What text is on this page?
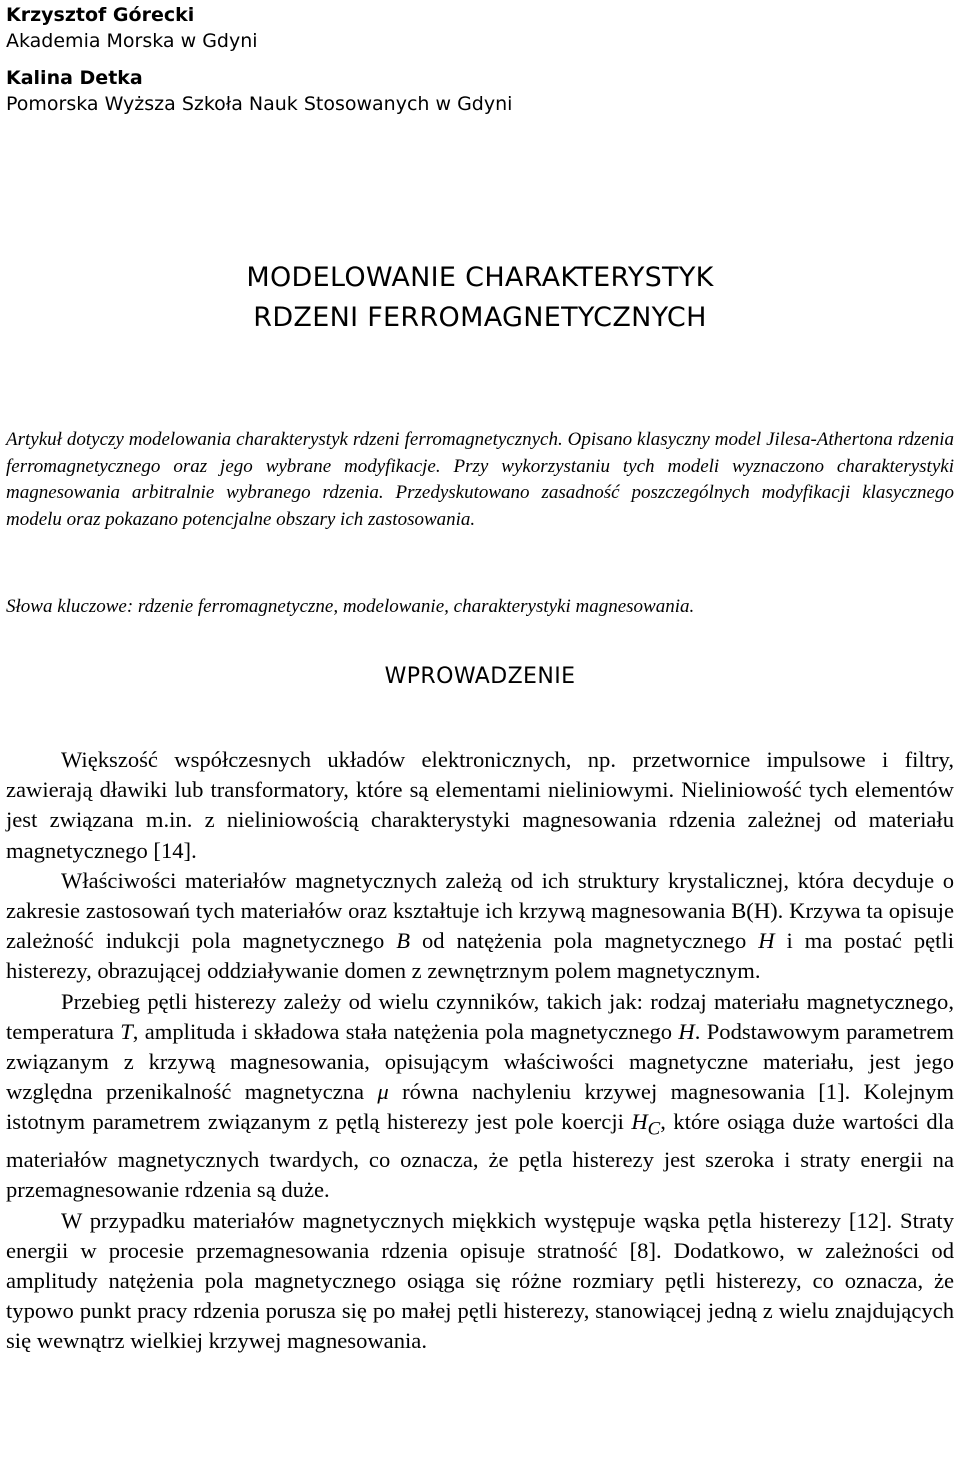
Krzysztof Górecki

Akademia Morska w Gdyni

Kalina Detka

Pomorska Wyższa Szkoła Nauk Stosowanych w Gdyni

MODELOWANIE CHARAKTERYSTYK
RDZENI FERROMAGNETYCZNYCH

Artykuł dotyczy modelowania charakterystyk rdzeni ferromagnetycznych. Opisano klasyczny model Jilesa-Athertona rdzenia ferromagnetycznego oraz jego wybrane modyfikacje. Przy wykorzystaniu tych modeli wyznaczono charakterystyki magnesowania arbitralnie wybranego rdzenia. Przedyskutowano zasadność poszczególnych modyfikacji klasycznego modelu oraz pokazano potencjalne obszary ich zastosowania.

Słowa kluczowe: rdzenie ferromagnetyczne, modelowanie, charakterystyki magnesowania.

WPROWADZENIE

Większość współczesnych układów elektronicznych, np. przetwornice impulsowe i filtry, zawierają dławiki lub transformatory, które są elementami nieliniowymi. Nieliniowość tych elementów jest związana m.in. z nieliniowością charakterystyki magnesowania rdzenia zależnej od materiału magnetycznego [14].

Właściwości materiałów magnetycznych zależą od ich struktury krystalicznej, która decyduje o zakresie zastosowań tych materiałów oraz kształtuje ich krzywą magnesowania B(H). Krzywa ta opisuje zależność indukcji pola magnetycznego B od natężenia pola magnetycznego H i ma postać pętli histerezy, obrazującej oddziaływanie domen z zewnętrznym polem magnetycznym.

Przebieg pętli histerezy zależy od wielu czynników, takich jak: rodzaj materiału magnetycznego, temperatura T, amplituda i składowa stała natężenia pola magnetycznego H. Podstawowym parametrem związanym z krzywą magnesowania, opisującym właściwości magnetyczne materiału, jest jego względna przenikalność magnetyczna μ równa nachyleniu krzywej magnesowania [1]. Kolejnym istotnym parametrem związanym z pętlą histerezy jest pole koercji $H_C$, które osiąga duże wartości dla materiałów magnetycznych twardych, co oznacza, że pętla histerezy jest szeroka i straty energii na przemagnesowanie rdzenia są duże.

W przypadku materiałów magnetycznych miękkich występuje wąska pętla histerezy [12]. Straty energii w procesie przemagnesowania rdzenia opisuje stratność [8]. Dodatkowo, w zależności od amplitudy natężenia pola magnetycznego osiąga się różne rozmiary pętli histerezy, co oznacza, że typowo punkt pracy rdzenia porusza się po małej pętli histerezy, stanowiącej jedną z wielu znajdujących się wewnątrz wielkiej krzywej magnesowania.
